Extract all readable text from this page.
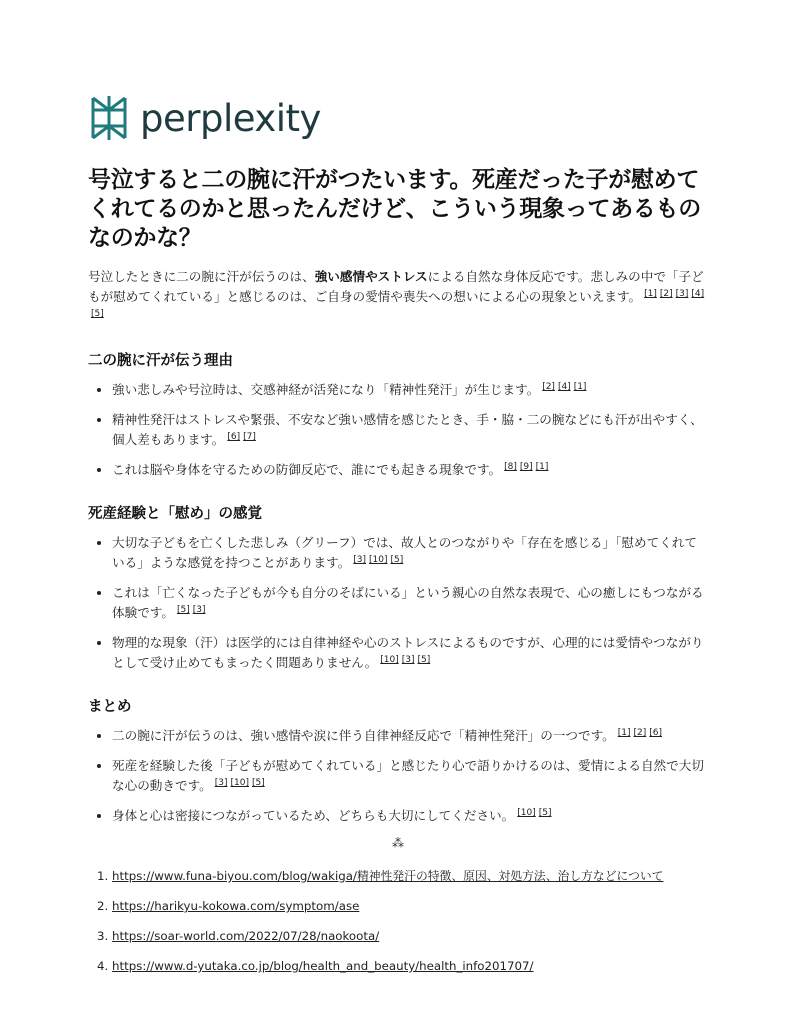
perplexity
号泣すると二の腕に汗がつたいます。死産だった子が慰めてくれてるのかと思ったんだけど、こういう現象ってあるものなのかな？

号泣したときに二の腕に汗が伝うのは、強い感情やストレスによる自然な身体反応です。悲しみの中で「子どもが慰めてくれている」と感じるのは、ご自身の愛情や喪失への想いによる心の現象といえます。 [1] [2] [3] [4][5]

二の腕に汗が伝う理由
• 強い悲しみや号泣時は、交感神経が活発になり「精神性発汗」が生じます。 [2] [4] [1]
• 精神性発汗はストレスや緊張、不安など強い感情を感じたとき、手・脇・二の腕などにも汗が出やすく、個人差もあります。 [6] [7]
• これは脳や身体を守るための防御反応で、誰にでも起きる現象です。 [8] [9] [1]
死産経験と「慰め」の感覚
• 大切な子どもを亡くした悲しみ（グリーフ）では、故人とのつながりや「存在を感じる」「慰めてくれている」ような感覚を持つことがあります。 [3] [10] [5]
• これは「亡くなった子どもが今も自分のそばにいる」という親心の自然な表現で、心の癒しにもつながる体験です。 [5] [3]
• 物理的な現象（汗）は医学的には自律神経や心のストレスによるものですが、心理的には愛情やつながりとして受け止めてもまったく問題ありません。 [10] [3] [5]
まとめ
• 二の腕に汗が伝うのは、強い感情や涙に伴う自律神経反応で「精神性発汗」の一つです。 [1] [2] [6]
• 死産を経験した後「子どもが慰めてくれている」と感じたり心で語りかけるのは、愛情による自然で大切な心の動きです。 [3] [10] [5]
• 身体と心は密接につながっているため、どちらも大切にしてください。 [10] [5]
⁂
1. https://www.funa-biyou.com/blog/wakiga/精神性発汗の特徴、原因、対処方法、治し方などについて
2. https://harikyu-kokowa.com/symptom/ase
3. https://soar-world.com/2022/07/28/naokoota/
4. https://www.d-yutaka.co.jp/blog/health_and_beauty/health_info201707/
